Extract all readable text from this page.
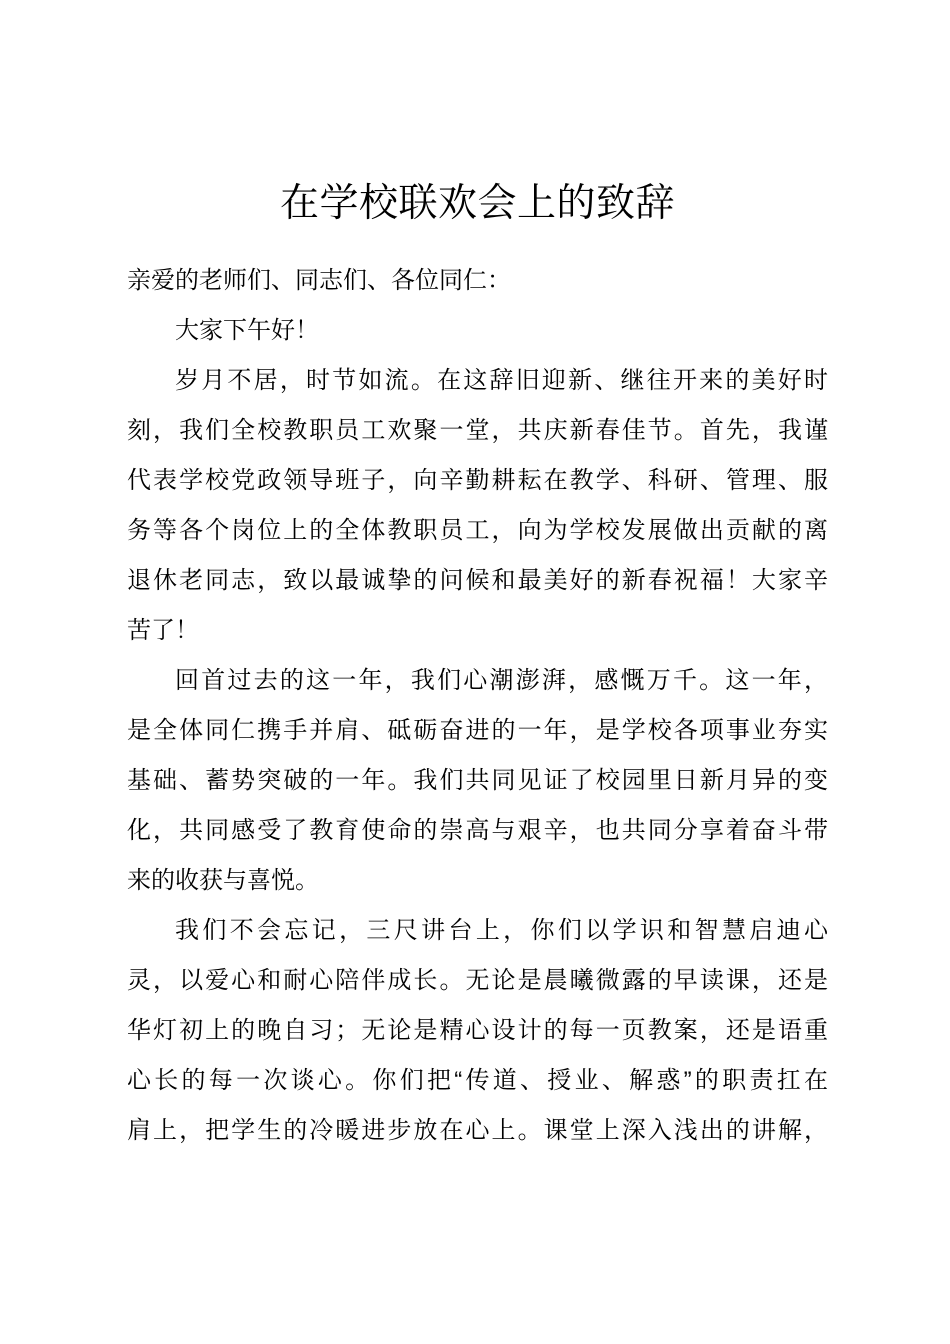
在学校联欢会上的致辞
亲爱的老师们、同志们、各位同仁：
大家下午好！
岁月不居，时节如流。在这辞旧迎新、继往开来的美好时
刻，我们全校教职员工欢聚一堂，共庆新春佳节。首先，我谨
代表学校党政领导班子，向辛勤耕耘在教学、科研、管理、服
务等各个岗位上的全体教职员工，向为学校发展做出贡献的离
退休老同志，致以最诚挚的问候和最美好的新春祝福！大家辛
苦了！
回首过去的这一年，我们心潮澎湃，感慨万千。这一年，
是全体同仁携手并肩、砥砺奋进的一年，是学校各项事业夯实
基础、蓄势突破的一年。我们共同见证了校园里日新月异的变
化，共同感受了教育使命的崇高与艰辛，也共同分享着奋斗带
来的收获与喜悦。
我们不会忘记，三尺讲台上，你们以学识和智慧启迪心
灵，以爱心和耐心陪伴成长。无论是晨曦微露的早读课，还是
华灯初上的晚自习；无论是精心设计的每一页教案，还是语重
心长的每一次谈心。你们把“传道、授业、解惑”的职责扛在
肩上，把学生的冷暖进步放在心上。课堂上深入浅出的讲解，
